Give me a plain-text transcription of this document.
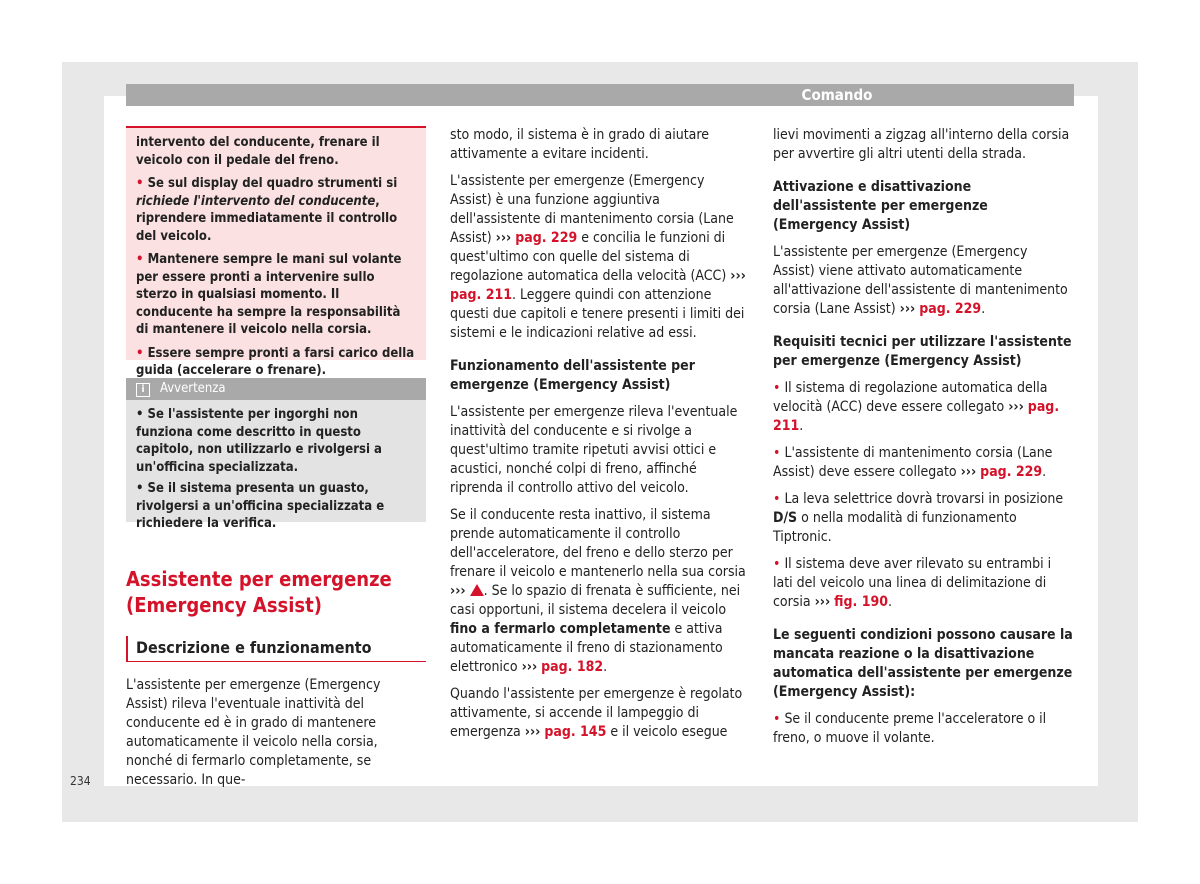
Comando

intervento del conducente, frenare il veicolo con il pedale del freno.

• Se sul display del quadro strumenti si richiede l'intervento del conducente, riprendere immediatamente il controllo del veicolo.

• Mantenere sempre le mani sul volante per essere pronti a intervenire sullo sterzo in qualsiasi momento. Il conducente ha sempre la responsabilità di mantenere il veicolo nella corsia.

• Essere sempre pronti a farsi carico della guida (accelerare o frenare).

i Avvertenza

• Se l'assistente per ingorghi non funziona come descritto in questo capitolo, non utilizzarlo e rivolgersi a un'officina specializzata.

• Se il sistema presenta un guasto, rivolgersi a un'officina specializzata e richiedere la verifica.

Assistente per emergenze (Emergency Assist)
Descrizione e funzionamento
L'assistente per emergenze (Emergency Assist) rileva l'eventuale inattività del conducente ed è in grado di mantenere automaticamente il veicolo nella corsia, nonché di fermarlo completamente, se necessario. In que-

sto modo, il sistema è in grado di aiutare attivamente a evitare incidenti.

L'assistente per emergenze (Emergency Assist) è una funzione aggiuntiva dell'assistente di mantenimento corsia (Lane Assist) ››› pag. 229 e concilia le funzioni di quest'ultimo con quelle del sistema di regolazione automatica della velocità (ACC) ››› pag. 211. Leggere quindi con attenzione questi due capitoli e tenere presenti i limiti dei sistemi e le indicazioni relative ad essi.

Funzionamento dell'assistente per emergenze (Emergency Assist)

L'assistente per emergenze rileva l'eventuale inattività del conducente e si rivolge a quest'ultimo tramite ripetuti avvisi ottici e acustici, nonché colpi di freno, affinché riprenda il controllo attivo del veicolo.

Se il conducente resta inattivo, il sistema prende automaticamente il controllo dell'acceleratore, del freno e dello sterzo per frenare il veicolo e mantenerlo nella sua corsia ››› . Se lo spazio di frenata è sufficiente, nei casi opportuni, il sistema decelera il veicolo fino a fermarlo completamente e attiva automaticamente il freno di stazionamento elettronico ››› pag. 182.

Quando l'assistente per emergenze è regolato attivamente, si accende il lampeggio di emergenza ››› pag. 145 e il veicolo esegue

lievi movimenti a zigzag all'interno della corsia per avvertire gli altri utenti della strada.

Attivazione e disattivazione dell'assistente per emergenze (Emergency Assist)

L'assistente per emergenze (Emergency Assist) viene attivato automaticamente all'attivazione dell'assistente di mantenimento corsia (Lane Assist) ››› pag. 229.

Requisiti tecnici per utilizzare l'assistente per emergenze (Emergency Assist)

• Il sistema di regolazione automatica della velocità (ACC) deve essere collegato ››› pag. 211.

• L'assistente di mantenimento corsia (Lane Assist) deve essere collegato ››› pag. 229.

• La leva selettrice dovrà trovarsi in posizione D/S o nella modalità di funzionamento Tiptronic.

• Il sistema deve aver rilevato su entrambi i lati del veicolo una linea di delimitazione di corsia ››› fig. 190.

Le seguenti condizioni possono causare la mancata reazione o la disattivazione automatica dell'assistente per emergenze (Emergency Assist):

• Se il conducente preme l'acceleratore o il freno, o muove il volante.

234
